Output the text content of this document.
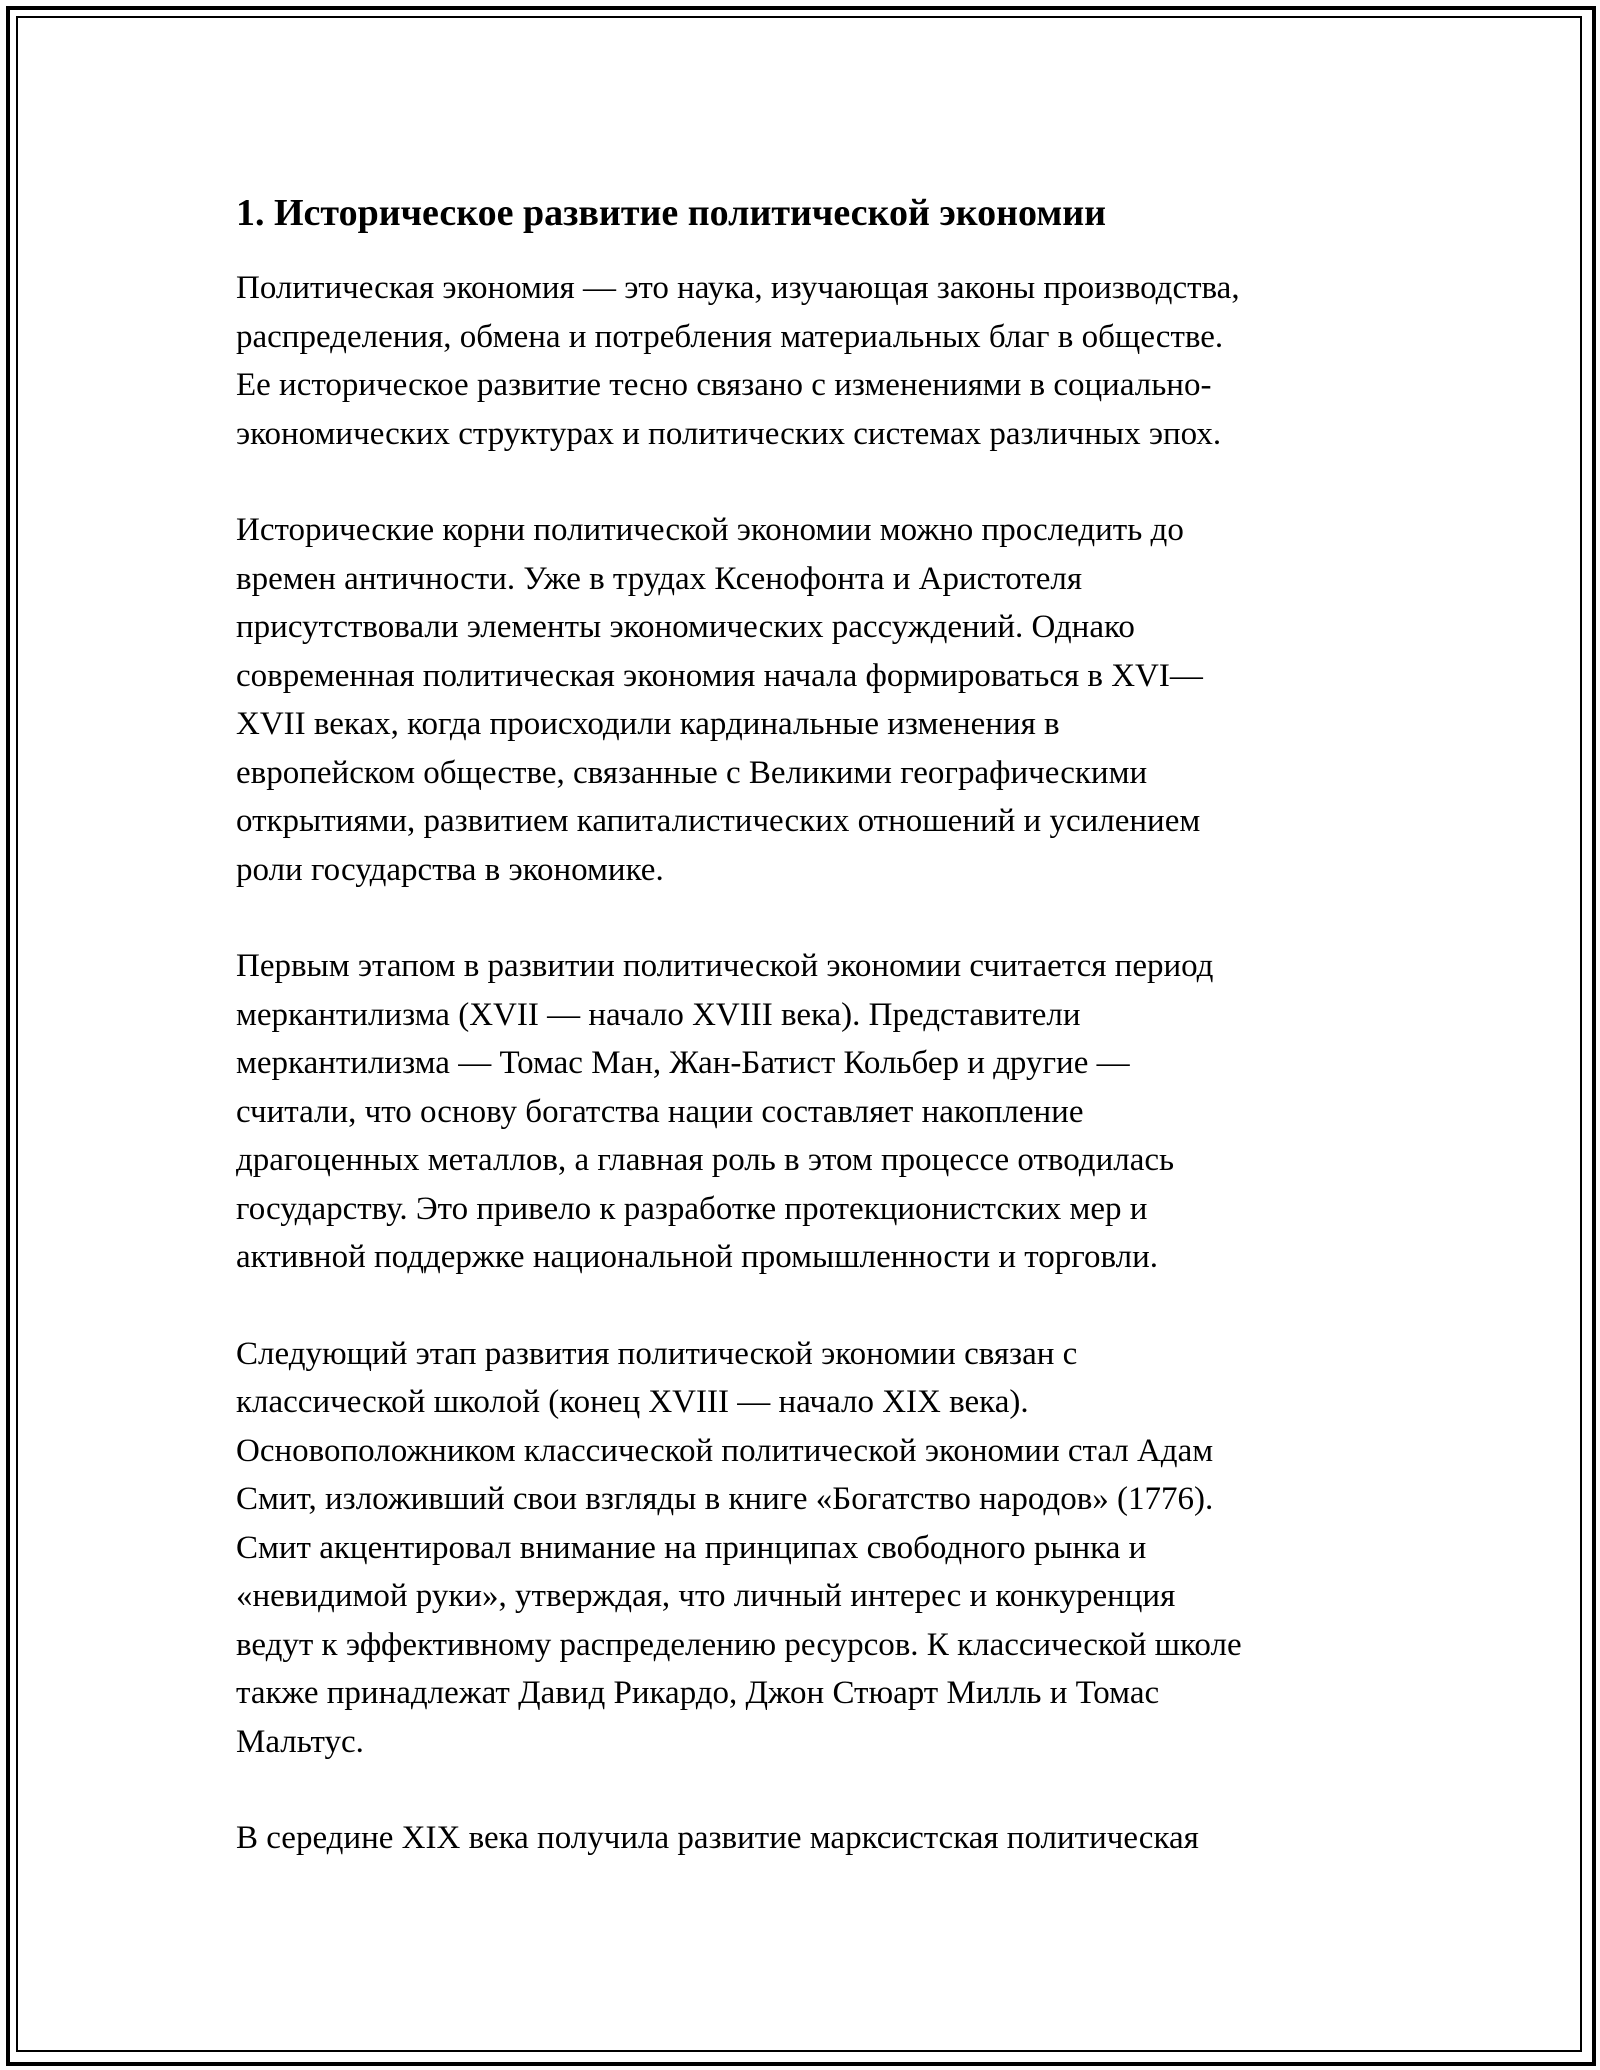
1. Историческое развитие политической экономии

Политическая экономия — это наука, изучающая законы производства,
распределения, обмена и потребления материальных благ в обществе.
Ее историческое развитие тесно связано с изменениями в социально-
экономических структурах и политических системах различных эпох.

Исторические корни политической экономии можно проследить до
времен античности. Уже в трудах Ксенофонта и Аристотеля
присутствовали элементы экономических рассуждений. Однако
современная политическая экономия начала формироваться в XVI—
XVII веках, когда происходили кардинальные изменения в
европейском обществе, связанные с Великими географическими
открытиями, развитием капиталистических отношений и усилением
роли государства в экономике.

Первым этапом в развитии политической экономии считается период
меркантилизма (XVII — начало XVIII века). Представители
меркантилизма — Томас Ман, Жан-Батист Кольбер и другие —
считали, что основу богатства нации составляет накопление
драгоценных металлов, а главная роль в этом процессе отводилась
государству. Это привело к разработке протекционистских мер и
активной поддержке национальной промышленности и торговли.

Следующий этап развития политической экономии связан с
классической школой (конец XVIII — начало XIX века).
Основоположником классической политической экономии стал Адам
Смит, изложивший свои взгляды в книге «Богатство народов» (1776).
Смит акцентировал внимание на принципах свободного рынка и
«невидимой руки», утверждая, что личный интерес и конкуренция
ведут к эффективному распределению ресурсов. К классической школе
также принадлежат Давид Рикардо, Джон Стюарт Милль и Томас
Мальтус.

В середине XIX века получила развитие марксистская политическая
